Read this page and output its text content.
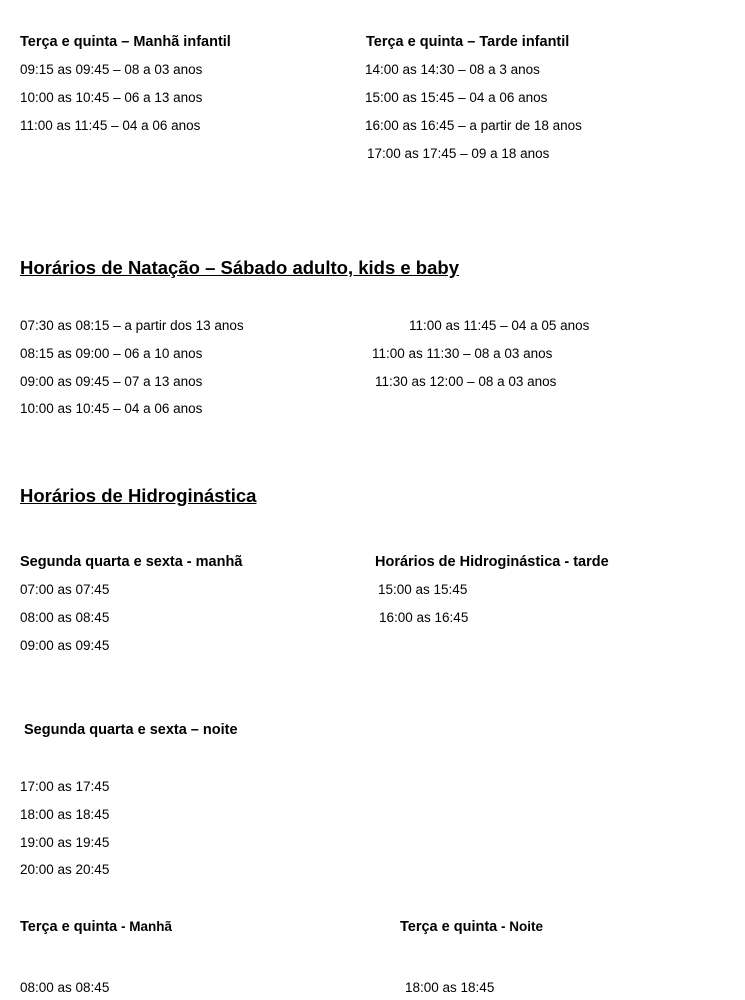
Terça e quinta – Manhã infantil
09:15 as 09:45 – 08 a 03 anos
10:00 as 10:45 – 06 a 13 anos
11:00 as 11:45 – 04 a 06 anos
Terça e quinta – Tarde infantil
14:00 as 14:30 – 08 a 3 anos
15:00 as 15:45 – 04 a 06 anos
16:00 as 16:45 – a partir de 18 anos
17:00 as 17:45 – 09 a 18 anos
Horários de Natação – Sábado adulto, kids e baby
07:30 as 08:15 – a partir dos 13 anos
08:15 as 09:00 – 06 a 10 anos
09:00 as 09:45 – 07 a 13 anos
10:00 as 10:45 – 04 a 06 anos
11:00 as 11:45 – 04 a 05 anos
11:00 as 11:30 – 08 a 03 anos
11:30 as 12:00 – 08 a 03 anos
Horários de Hidroginástica
Segunda quarta e sexta - manhã
07:00 as 07:45
08:00 as 08:45
09:00 as 09:45
Horários de Hidroginástica - tarde
15:00 as 15:45
16:00 as 16:45
Segunda quarta e sexta – noite
17:00 as 17:45
18:00 as 18:45
19:00 as 19:45
20:00 as 20:45
Terça e quinta - Manhã
08:00 as 08:45
Terça e quinta - Noite
18:00 as 18:45
